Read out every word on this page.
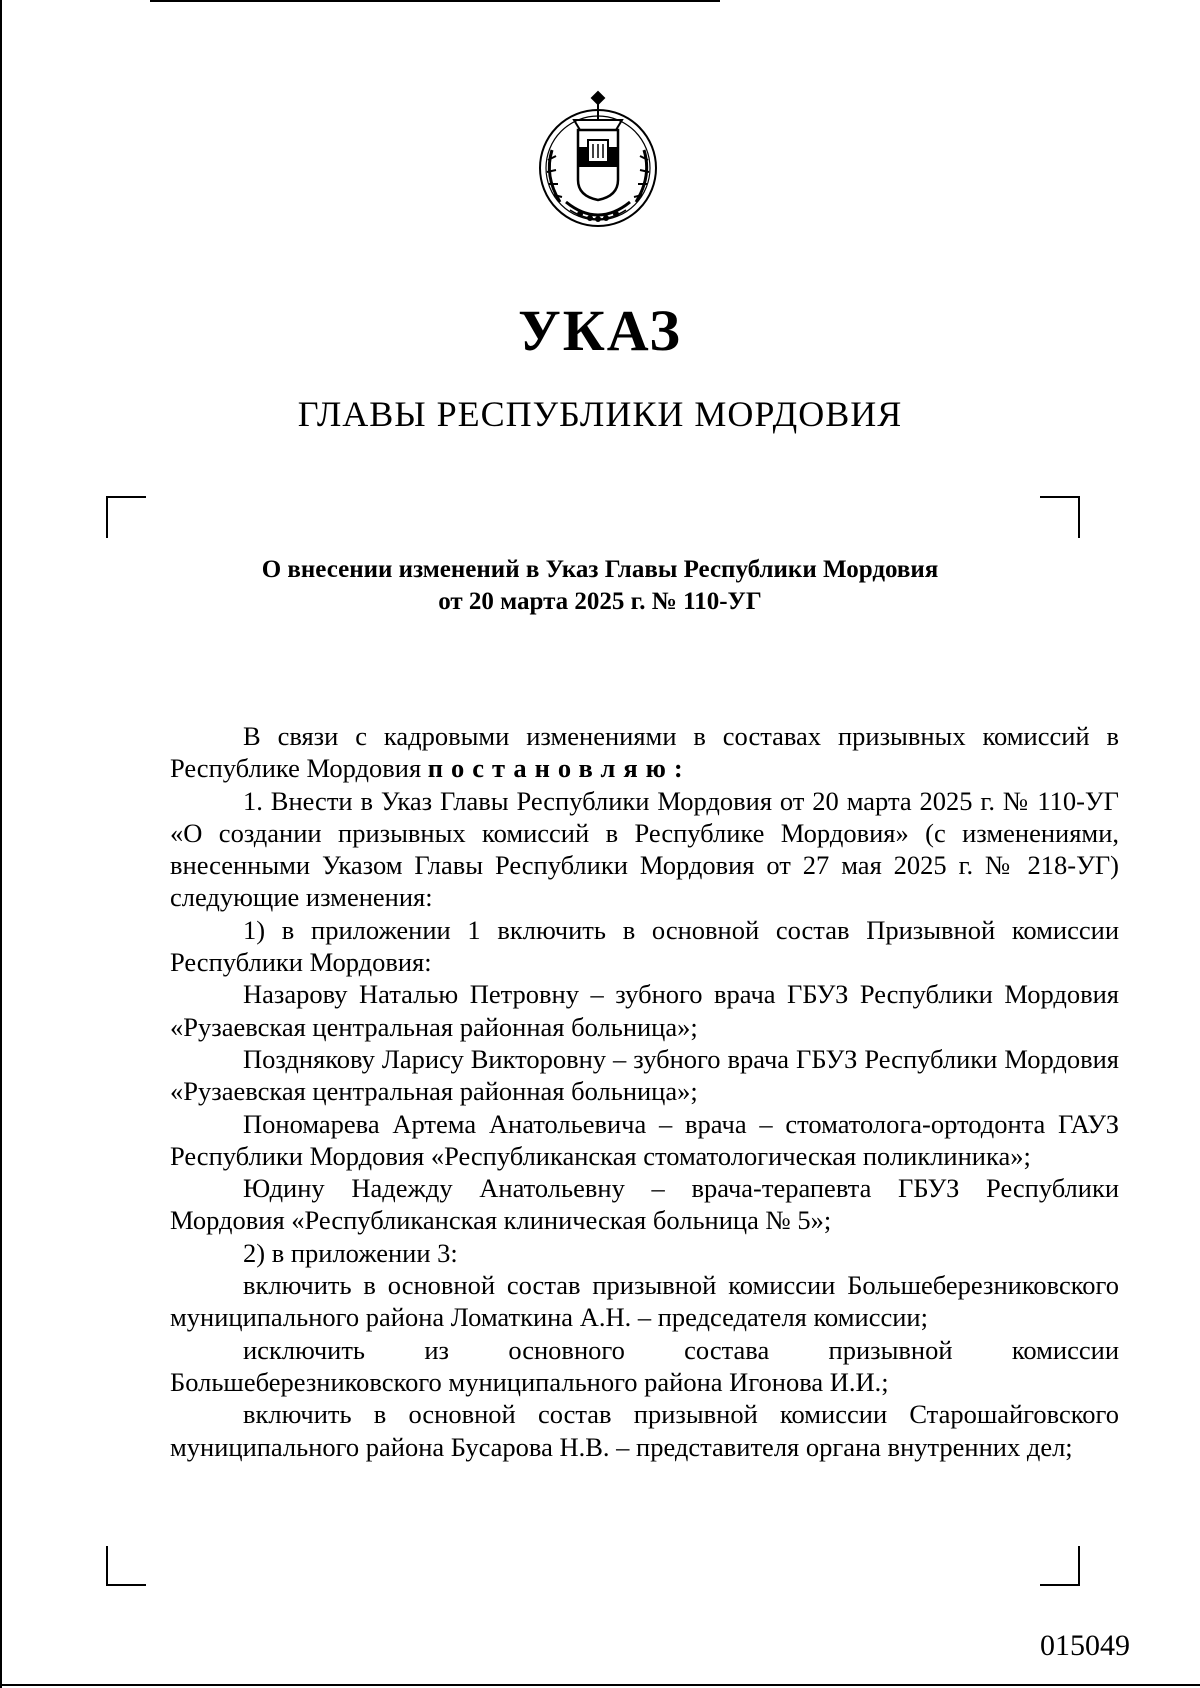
УКАЗ
ГЛАВЫ РЕСПУБЛИКИ МОРДОВИЯ
О внесении изменений в Указ Главы Республики Мордовия
от 20 марта 2025 г. № 110-УГ

В связи с кадровыми изменениями в составах призывных комиссий в Республике Мордовия постановляю:

1. Внести в Указ Главы Республики Мордовия от 20 марта 2025 г. № 110-УГ «О создании призывных комиссий в Республике Мордовия» (с изменениями, внесенными Указом Главы Республики Мордовия от 27 мая 2025 г. № 218-УГ) следующие изменения:

1) в приложении 1 включить в основной состав Призывной комиссии Республики Мордовия:

Назарову Наталью Петровну – зубного врача ГБУЗ Республики Мордовия «Рузаевская центральная районная больница»;

Позднякову Ларису Викторовну – зубного врача ГБУЗ Республики Мордовия «Рузаевская центральная районная больница»;

Пономарева Артема Анатольевича – врача – стоматолога-ортодонта ГАУЗ Республики Мордовия «Республиканская стоматологическая поликлиника»;

Юдину Надежду Анатольевну – врача-терапевта ГБУЗ Республики Мордовия «Республиканская клиническая больница № 5»;

2) в приложении 3:

включить в основной состав призывной комиссии Большеберезниковского муниципального района Ломаткина А.Н. – председателя комиссии;

исключить из основного состава призывной комиссии Большеберезниковского муниципального района Игонова И.И.;

включить в основной состав призывной комиссии Старошайговского муниципального района Бусарова Н.В. – представителя органа внутренних дел;

015049
